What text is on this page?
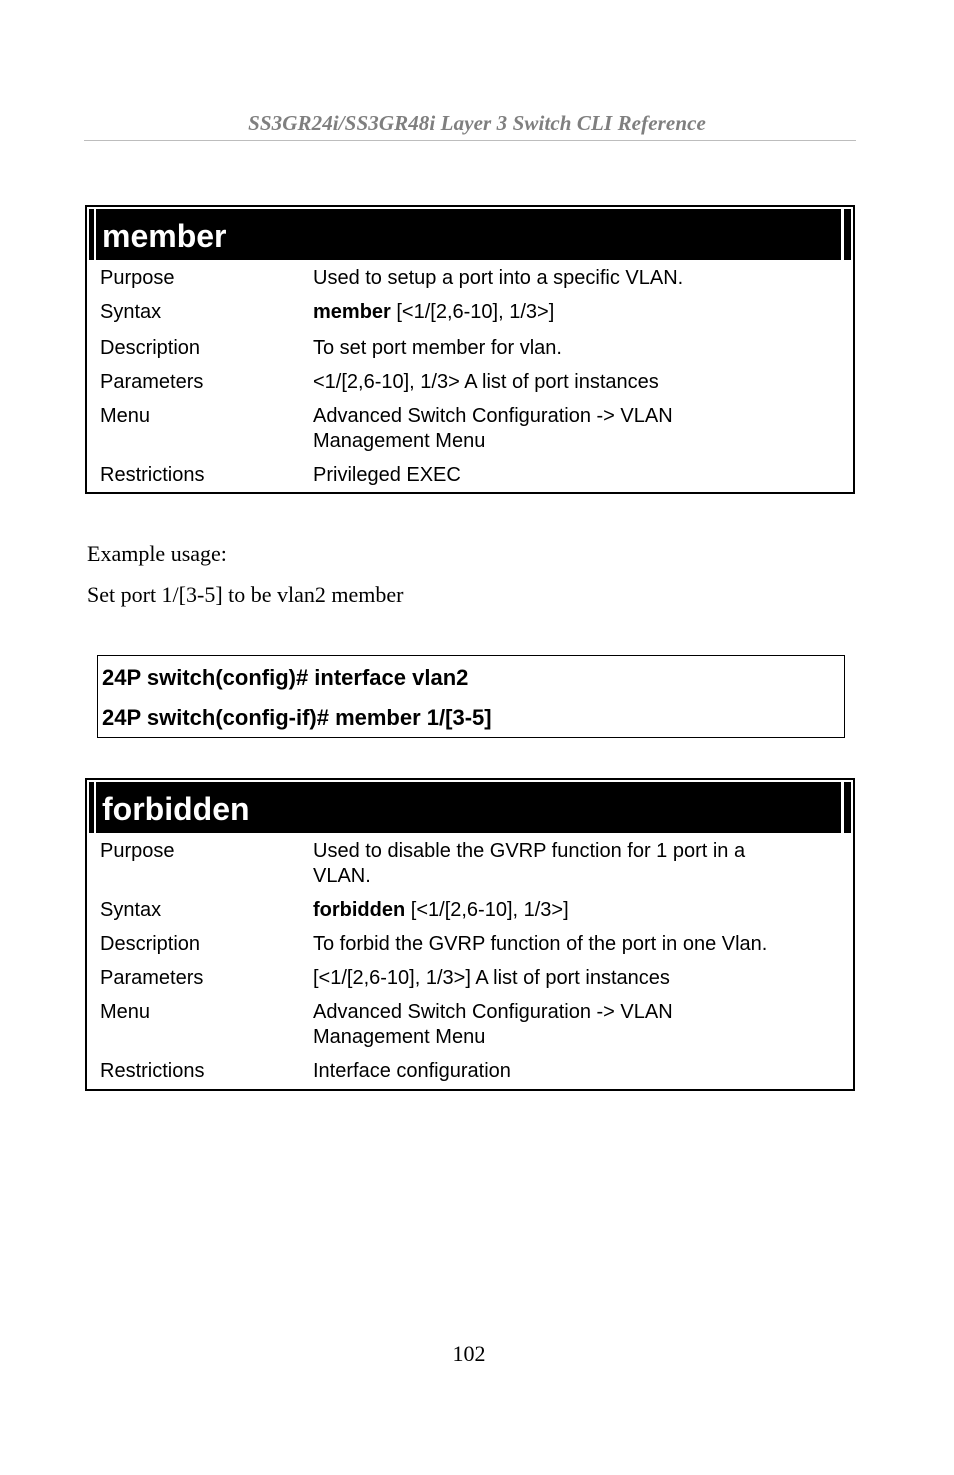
SS3GR24i/SS3GR48i Layer 3 Switch CLI Reference
member
Purpose	Used to setup a port into a specific VLAN.
Syntax	member [<1/[2,6-10], 1/3>]
Description	To set port member for vlan.
Parameters	<1/[2,6-10], 1/3> A list of port instances
Menu	Advanced Switch Configuration -> VLAN
Management Menu
Restrictions	Privileged EXEC
Example usage:
Set port 1/[3-5] to be vlan2 member
24P switch(config)# interface vlan2
24P switch(config-if)# member 1/[3-5]
forbidden
Purpose	Used to disable the GVRP function for 1 port in a
VLAN.
Syntax	forbidden [<1/[2,6-10], 1/3>]
Description	To forbid the GVRP function of the port in one Vlan.
Parameters	[<1/[2,6-10], 1/3>] A list of port instances
Menu	Advanced Switch Configuration -> VLAN
Management Menu
Restrictions	Interface configuration
102
